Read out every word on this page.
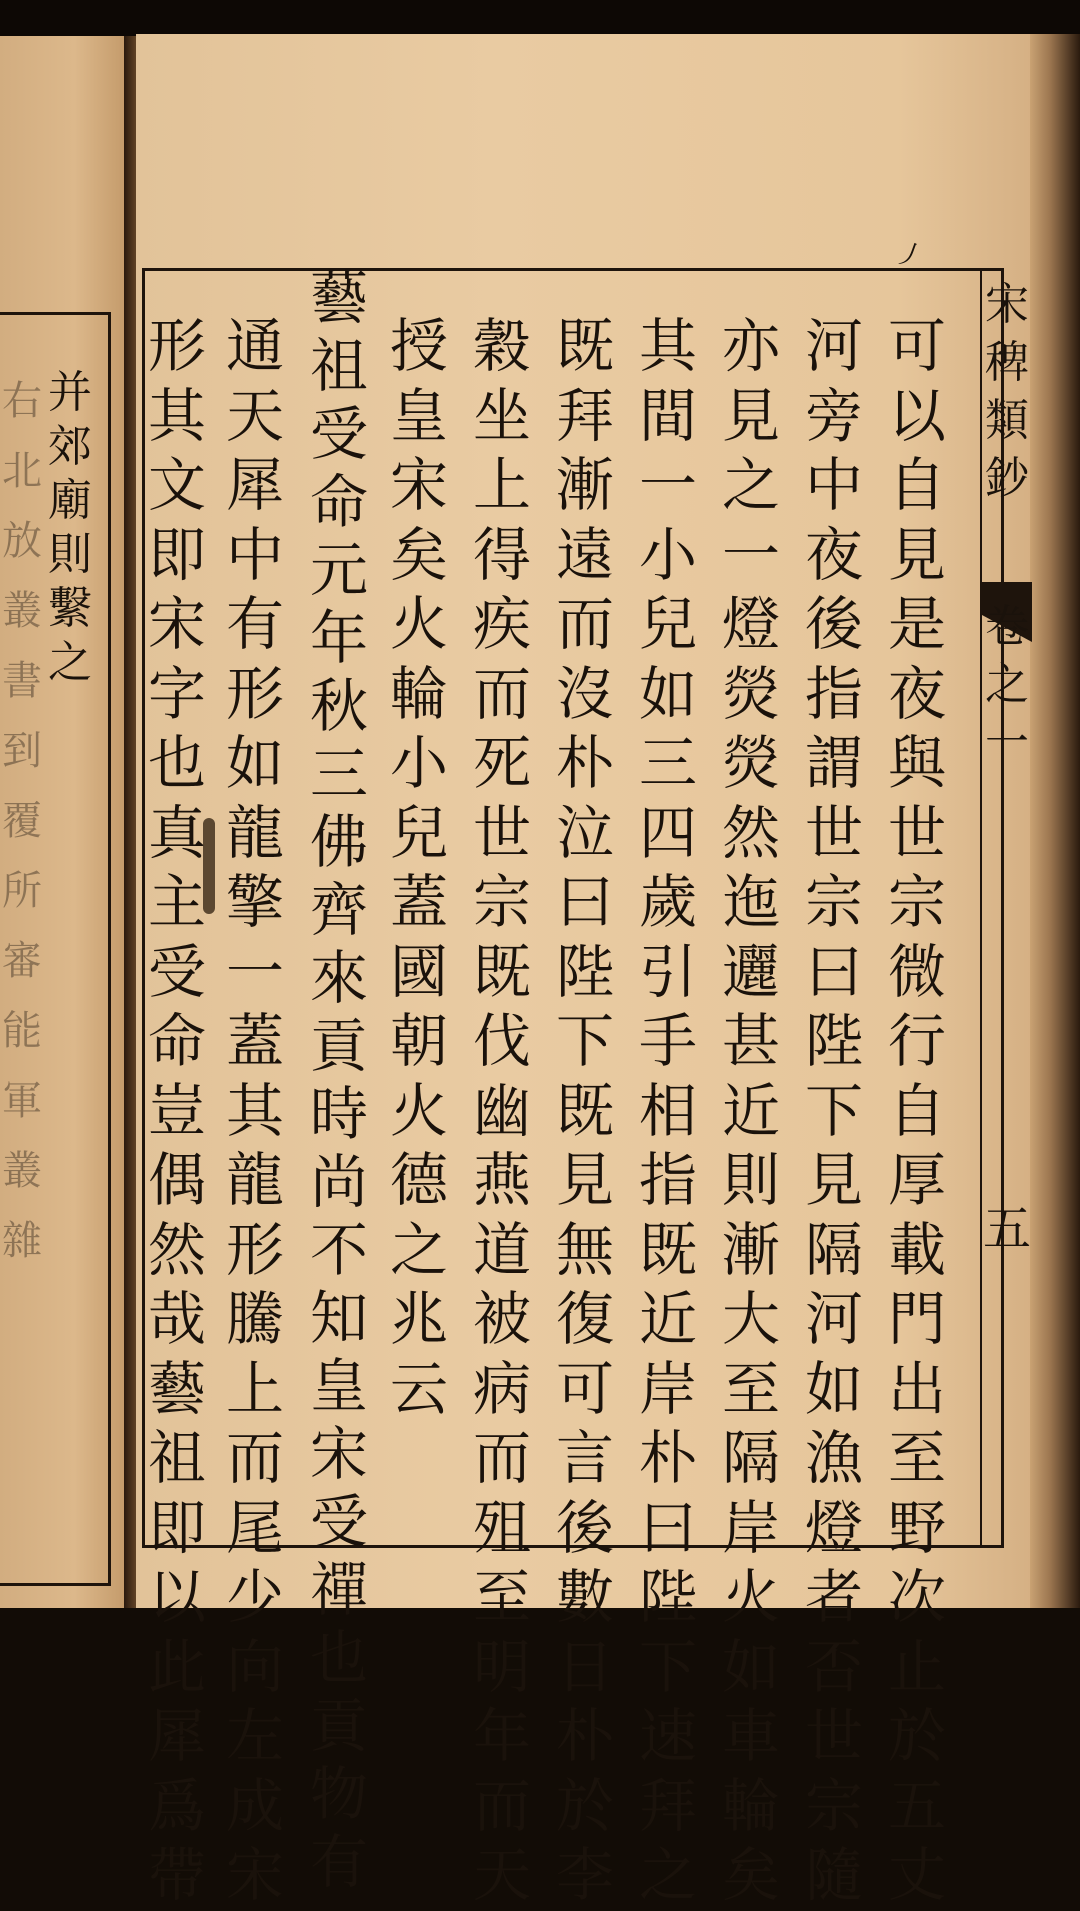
右北放叢書到覆所審能軍叢雜
并郊廟則繫之
丿
宋稗類鈔
卷之一
五
可以自見是夜與世宗微行自厚載門出至野次止於五丈
河旁中夜後指謂世宗曰陛下見隔河如漁燈者否世宗隨
亦見之一燈熒熒然迤邐甚近則漸大至隔岸火如車輪矣
其間一小兒如三四歲引手相指既近岸朴曰陛下速拜之
既拜漸遠而沒朴泣曰陛下既見無復可言後數日朴於李
穀坐上得疾而死世宗既伐幽燕道被病而殂至明年而天
授皇宋矣火輪小兒蓋國朝火德之兆云
藝祖受命元年秋三佛齊來貢時尚不知皇宋受禪也貢物有
通天犀中有形如龍擎一蓋其龍形騰上而尾少向左成宋
形其文即宋字也真主受命豈偶然哉藝祖即以此犀爲帶
